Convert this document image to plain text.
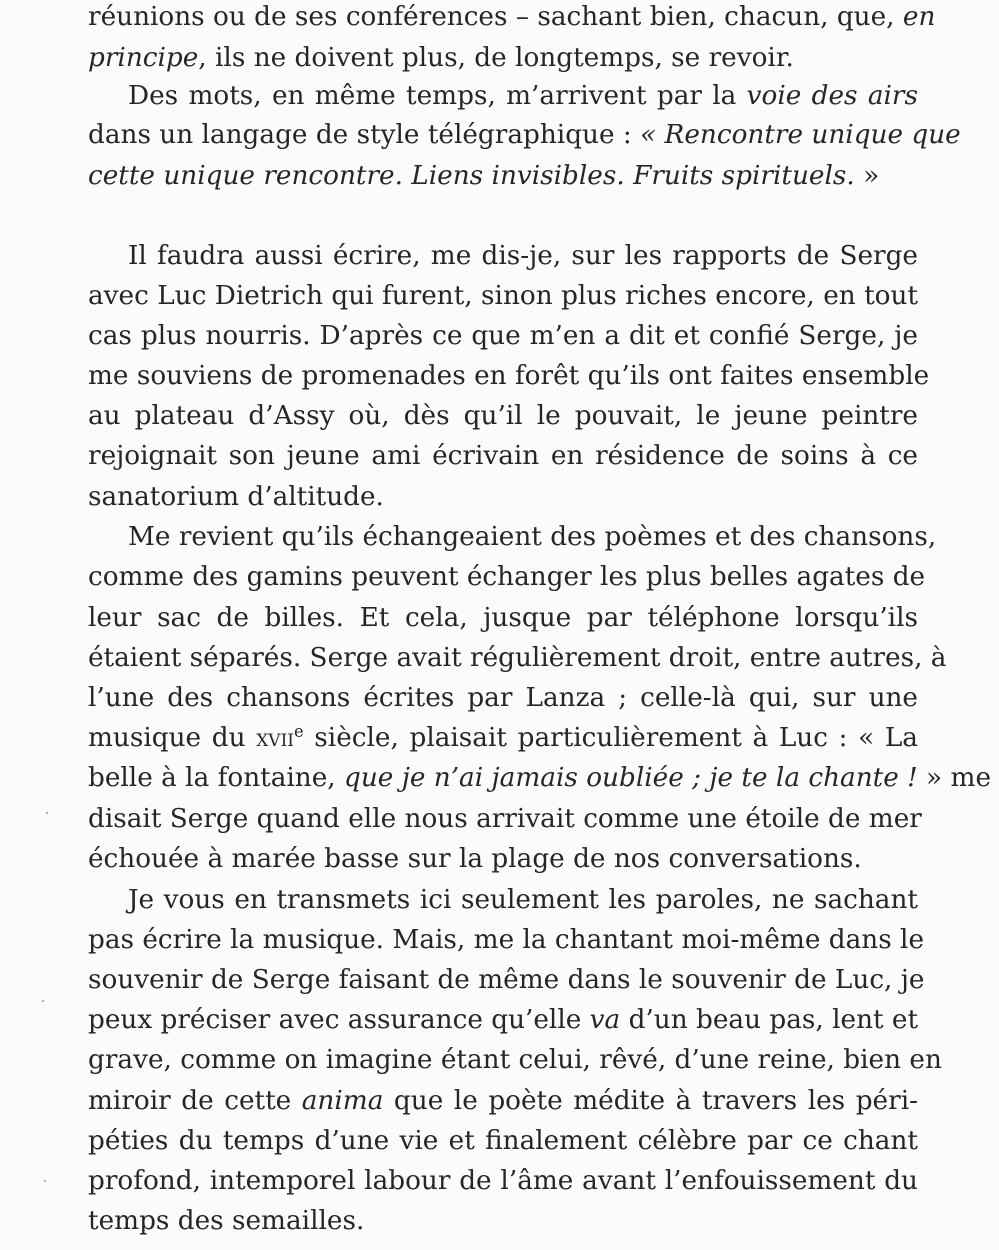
réunions ou de ses conférences – sachant bien, chacun, que, en
principe, ils ne doivent plus, de longtemps, se revoir.
Des mots, en même temps, m’arrivent par la voie des airs
dans un langage de style télégraphique : « Rencontre unique que
cette unique rencontre. Liens invisibles. Fruits spirituels. »
Il faudra aussi écrire, me dis-je, sur les rapports de Serge
avec Luc Dietrich qui furent, sinon plus riches encore, en tout
cas plus nourris. D’après ce que m’en a dit et confié Serge, je
me souviens de promenades en forêt qu’ils ont faites ensemble
au plateau d’Assy où, dès qu’il le pouvait, le jeune peintre
rejoignait son jeune ami écrivain en résidence de soins à ce
sanatorium d’altitude.
Me revient qu’ils échangeaient des poèmes et des chansons,
comme des gamins peuvent échanger les plus belles agates de
leur sac de billes. Et cela, jusque par téléphone lorsqu’ils
étaient séparés. Serge avait régulièrement droit, entre autres, à
l’une des chansons écrites par Lanza ; celle-là qui, sur une
musique du xvii$^e$ siècle, plaisait particulièrement à Luc : « La
belle à la fontaine, que je n’ai jamais oubliée ; je te la chante ! » me
disait Serge quand elle nous arrivait comme une étoile de mer
échouée à marée basse sur la plage de nos conversations.
Je vous en transmets ici seulement les paroles, ne sachant
pas écrire la musique. Mais, me la chantant moi-même dans le
souvenir de Serge faisant de même dans le souvenir de Luc, je
peux préciser avec assurance qu’elle va d’un beau pas, lent et
grave, comme on imagine étant celui, rêvé, d’une reine, bien en
miroir de cette anima que le poète médite à travers les péri-
péties du temps d’une vie et finalement célèbre par ce chant
profond, intemporel labour de l’âme avant l’enfouissement du
temps des semailles.
